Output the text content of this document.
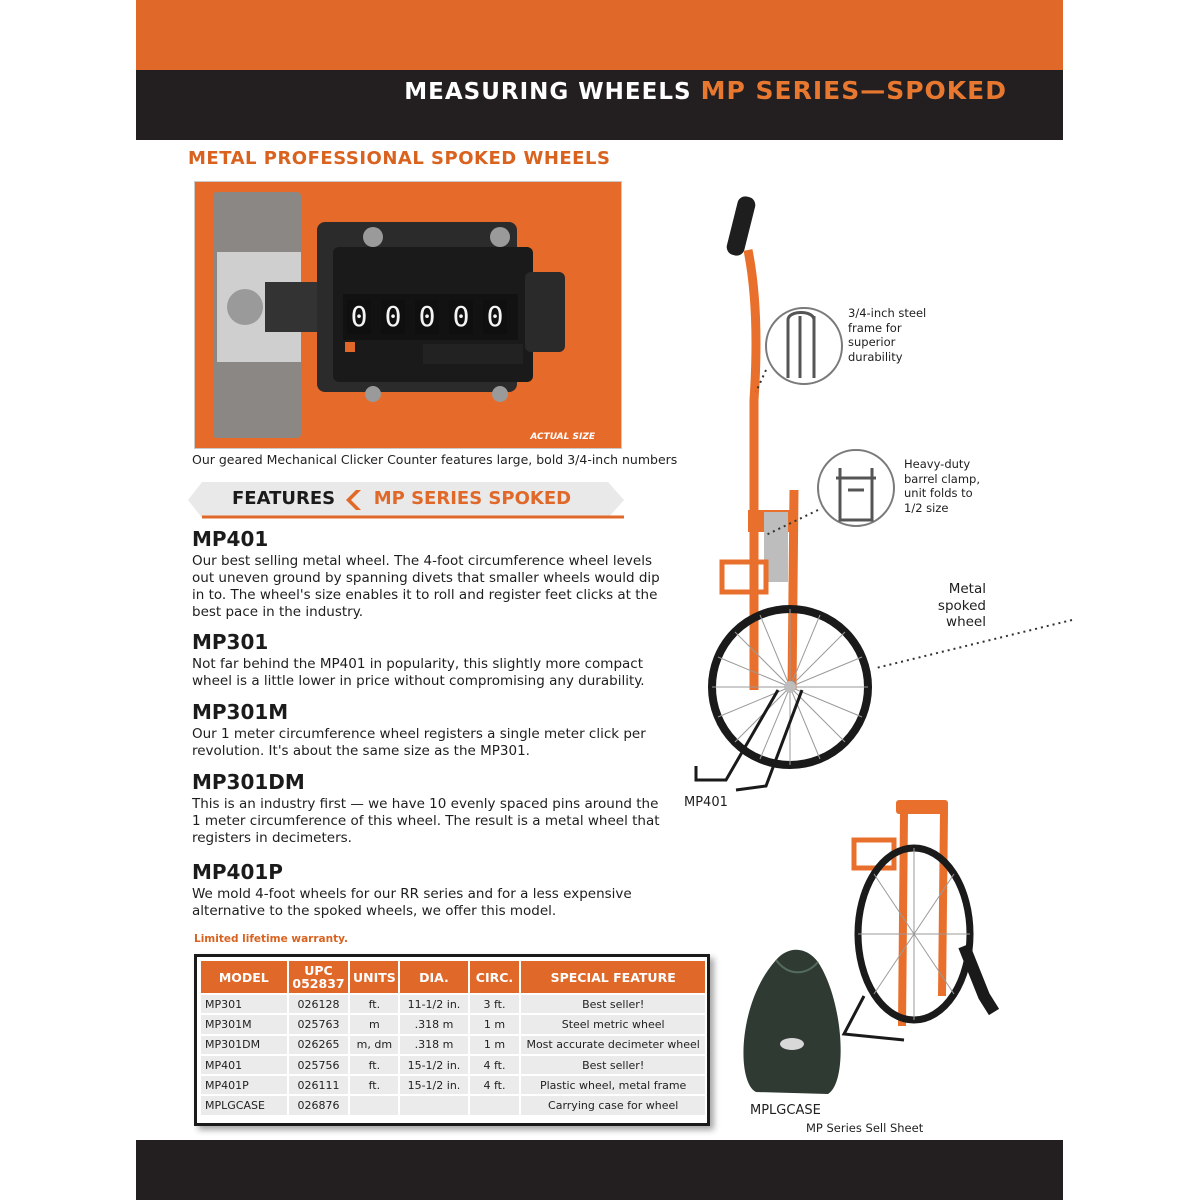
MEASURING WHEELS MP SERIES—SPOKED
METAL PROFESSIONAL SPOKED WHEELS
0 0 0 0 0
ACTUAL SIZE
Our geared Mechanical Clicker Counter features large, bold 3/4-inch numbers
FEATURES MP SERIES SPOKED
MP401
Our best selling metal wheel. The 4-foot circumference wheel levels out uneven ground by spanning divets that smaller wheels would dip in to. The wheel's size enables it to roll and register feet clicks at the best pace in the industry.
MP301
Not far behind the MP401 in popularity, this slightly more compact wheel is a little lower in price without compromising any durability.
MP301M
Our 1 meter circumference wheel registers a single meter click per revolution. It's about the same size as the MP301.
MP301DM
This is an industry first — we have 10 evenly spaced pins around the 1 meter circumference of this wheel. The result is a metal wheel that registers in decimeters.
MP401P
We mold 4-foot wheels for our RR series and for a less expensive alternative to the spoked wheels, we offer this model.
Limited lifetime warranty.
MODEL	UPC 052837	UNITS	DIA.	CIRC.	SPECIAL FEATURE
MP301	026128	ft.	11-1/2 in.	3 ft.	Best seller!
MP301M	025763	m	.318 m	1 m	Steel metric wheel
MP301DM	026265	m, dm	.318 m	1 m	Most accurate decimeter wheel
MP401	025756	ft.	15-1/2 in.	4 ft.	Best seller!
MP401P	026111	ft.	15-1/2 in.	4 ft.	Plastic wheel, metal frame
MPLGCASE	026876				Carrying case for wheel
3/4-inch steel frame for superior durability
Heavy-duty barrel clamp, unit folds to 1/2 size
Metal spoked wheel
MP401
MPLGCASE
MP Series Sell Sheet
